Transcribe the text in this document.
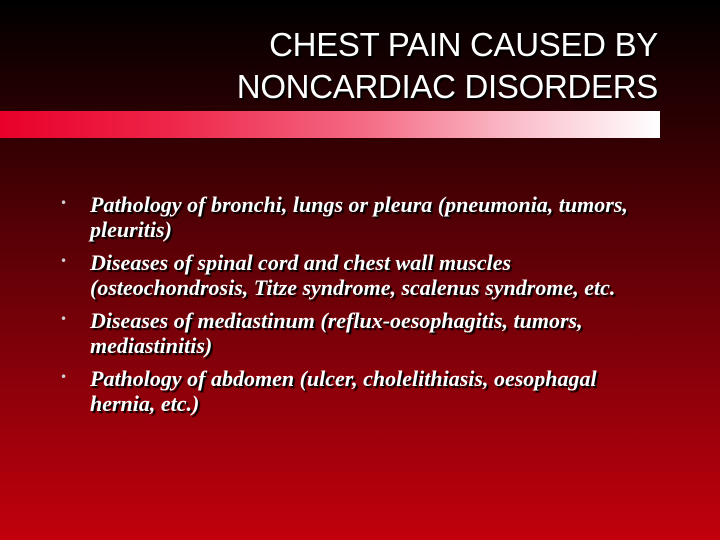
CHEST PAIN CAUSED BY
NONCARDIAC DISORDERS
• Pathology of bronchi, lungs or pleura (pneumonia, tumors, pleuritis)
• Diseases of spinal cord and chest wall muscles (osteochondrosis, Titze syndrome, scalenus syndrome, etc.
• Diseases of mediastinum (reflux-oesophagitis, tumors, mediastinitis)
• Pathology of abdomen (ulcer, cholelithiasis, oesophagal hernia, etc.)
